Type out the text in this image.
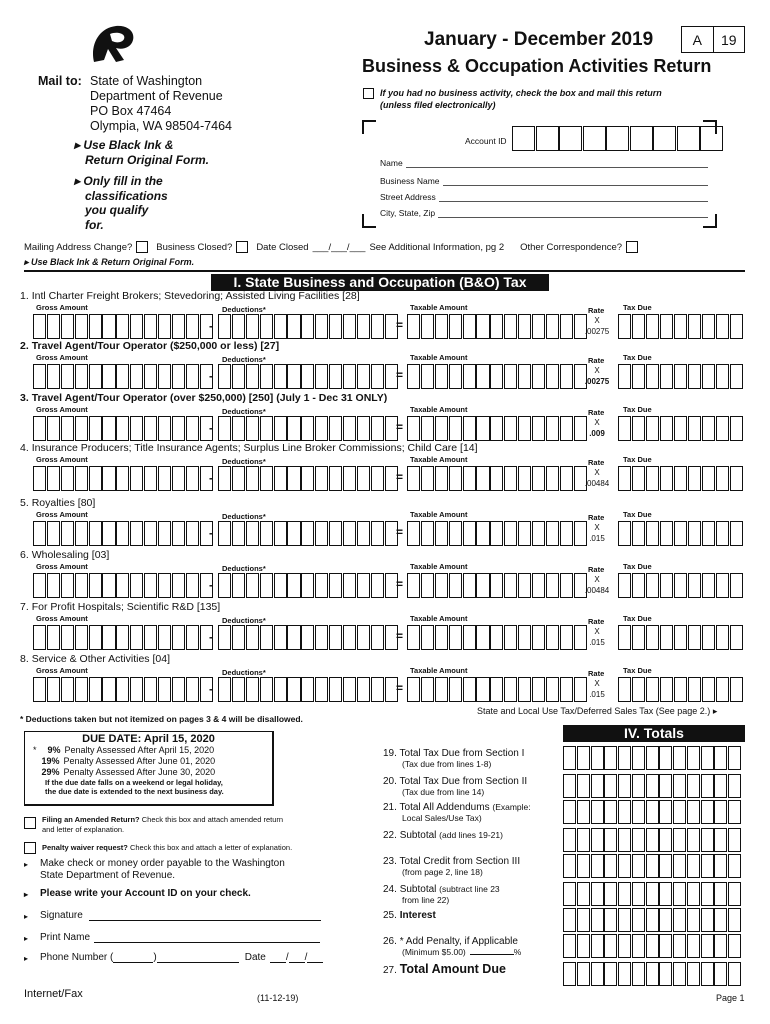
January - December 2019	A	19
Business & Occupation Activities Return
Mail to: State of Washington
Department of Revenue
PO Box 47464
Olympia, WA 98504-7464
If you had no business activity, check the box and mail this return
(unless filed electronically)
Account ID
Name
Business Name
Street Address
City, State, Zip
▸ Use Black Ink &
Return Original Form.
▸ Only fill in the
classifications
you qualify
for.
Mailing Address Change?	Business Closed?	Date Closed ___/___/___ See Additional Information, pg 2 Other Correspondence?
▸ Use Black Ink & Return Original Form.
I. State Business and Occupation (B&O) Tax
1. Intl Charter Freight Brokers; Stevedoring; Assisted Living Facilities [28]
Gross Amount	Deductions*	Taxable Amount	Rate Tax Due
-	=	X
.00275
2. Travel Agent/Tour Operator ($250,000 or less) [27]
Gross Amount	Deductions*	Taxable Amount	Rate Tax Due
-	=	X
.00275
3. Travel Agent/Tour Operator (over $250,000) [250] (July 1 - Dec 31 ONLY)
Gross Amount	Deductions*	Taxable Amount	Rate Tax Due
-	=	X
.009
4. Insurance Producers; Title Insurance Agents; Surplus Line Broker Commissions; Child Care [14]
Gross Amount	Deductions*	Taxable Amount	Rate Tax Due
-	=	X
.00484
5. Royalties [80]
Gross Amount	Deductions*	Taxable Amount	Rate Tax Due
-	=	X
.015
6. Wholesaling [03]
Gross Amount	Deductions*	Taxable Amount	Rate Tax Due
-	=	X
.00484
7. For Profit Hospitals; Scientific R&D [135]
Gross Amount	Deductions*	Taxable Amount	Rate Tax Due
-	=	X
.015
8. Service & Other Activities [04]
Gross Amount	Deductions*	Taxable Amount	Rate Tax Due
-	=	X
.015
* Deductions taken but not itemized on pages 3 & 4 will be disallowed.
State and Local Use Tax/Deferred Sales Tax (See page 2.) ▸
DUE DATE: April 15, 2020
* 9% Penalty Assessed After April 15, 2020
19% Penalty Assessed After June 01, 2020
29% Penalty Assessed After June 30, 2020
If the due date falls on a weekend or legal holiday,
the due date is extended to the next business day.
Filing an Amended Return? Check this box and attach amended return
and letter of explanation.
Penalty waiver request? Check this box and attach a letter of explanation.
▸	Make check or money order payable to the Washington
State Department of Revenue.
▸	Please write your Account ID on your check.
▸	Signature
▸	Print Name
▸	Phone Number (	)	Date / /
IV. Totals
19. Total Tax Due from Section I
(Tax due from lines 1-8)
20. Total Tax Due from Section II
(Tax due from line 14)
21. Total All Addendums (Example:
Local Sales/Use Tax)
22. Subtotal (add lines 19-21)
23. Total Credit from Section III
(from page 2, line 18)
24. Subtotal (subtract line 23
from line 22)
25. Interest
26. * Add Penalty, if Applicable
(Minimum $5.00)	%
27. Total Amount Due
Internet/Fax	(11-12-19)	Page 1
